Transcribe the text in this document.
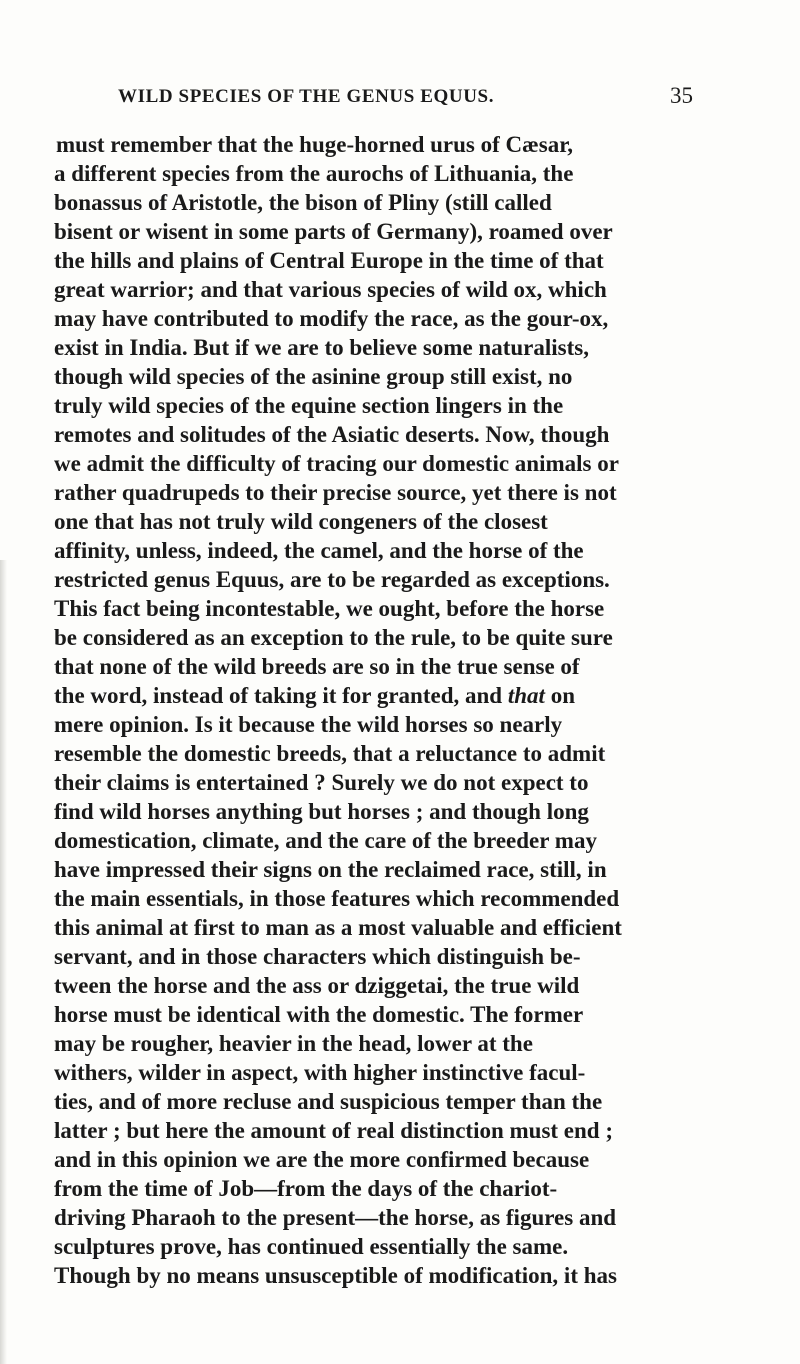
WILD SPECIES OF THE GENUS EQUUS.	35
must remember that the huge-horned urus of Cæsar,
a different species from the aurochs of Lithuania, the
bonassus of Aristotle, the bison of Pliny (still called
bisent or wisent in some parts of Germany), roamed over
the hills and plains of Central Europe in the time of that
great warrior; and that various species of wild ox, which
may have contributed to modify the race, as the gour-ox,
exist in India. But if we are to believe some naturalists,
though wild species of the asinine group still exist, no
truly wild species of the equine section lingers in the
remotes and solitudes of the Asiatic deserts. Now, though
we admit the difficulty of tracing our domestic animals or
rather quadrupeds to their precise source, yet there is not
one that has not truly wild congeners of the closest
affinity, unless, indeed, the camel, and the horse of the
restricted genus Equus, are to be regarded as exceptions.
This fact being incontestable, we ought, before the horse
be considered as an exception to the rule, to be quite sure
that none of the wild breeds are so in the true sense of
the word, instead of taking it for granted, and that on
mere opinion. Is it because the wild horses so nearly
resemble the domestic breeds, that a reluctance to admit
their claims is entertained ? Surely we do not expect to
find wild horses anything but horses ; and though long
domestication, climate, and the care of the breeder may
have impressed their signs on the reclaimed race, still, in
the main essentials, in those features which recommended
this animal at first to man as a most valuable and efficient
servant, and in those characters which distinguish be-
tween the horse and the ass or dziggetai, the true wild
horse must be identical with the domestic. The former
may be rougher, heavier in the head, lower at the
withers, wilder in aspect, with higher instinctive facul-
ties, and of more recluse and suspicious temper than the
latter ; but here the amount of real distinction must end ;
and in this opinion we are the more confirmed because
from the time of Job—from the days of the chariot-
driving Pharaoh to the present—the horse, as figures and
sculptures prove, has continued essentially the same.
Though by no means unsusceptible of modification, it has
